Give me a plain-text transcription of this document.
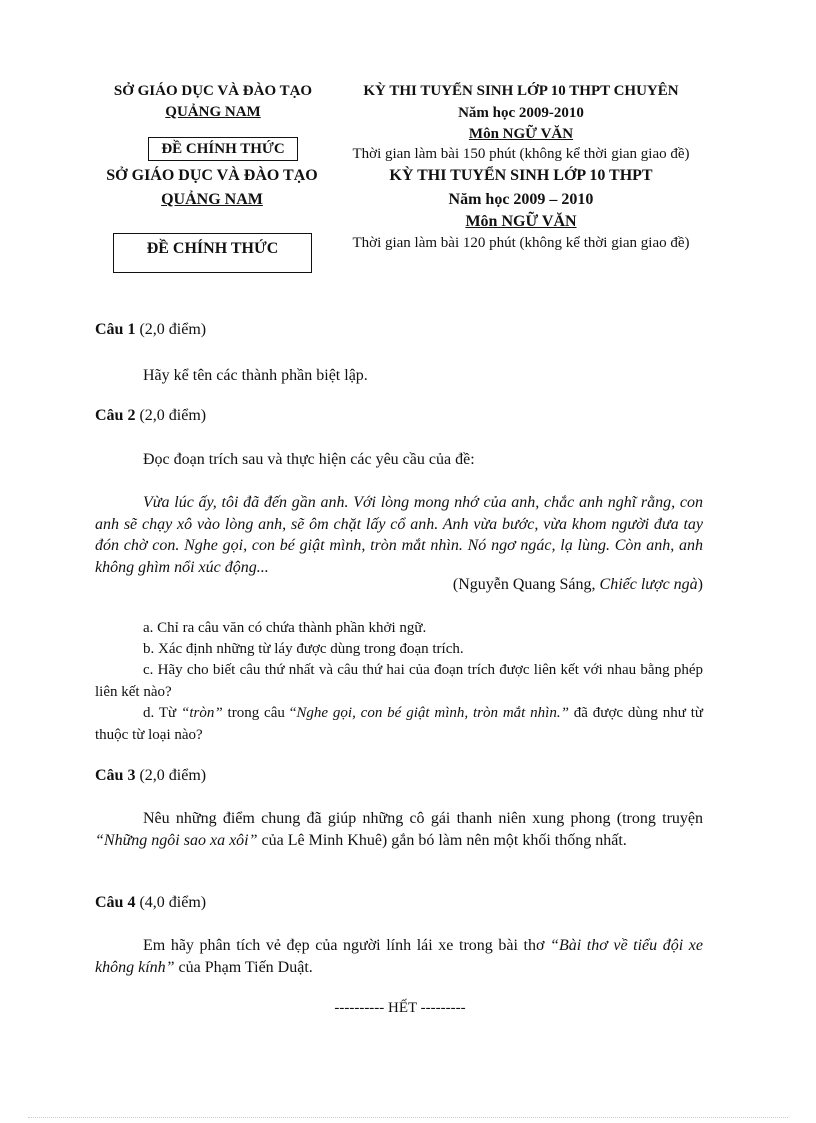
SỞ GIÁO DỤC VÀ ĐÀO TẠO
QUẢNG NAM
ĐỀ CHÍNH THỨC
KỲ THI TUYỂN SINH LỚP 10 THPT CHUYÊN
Năm học 2009-2010
Môn NGỮ VĂN
Thời gian làm bài 150 phút (không kể thời gian giao đề)
SỞ GIÁO DỤC VÀ ĐÀO TẠO
QUẢNG NAM
ĐỀ CHÍNH THỨC
KỲ THI TUYỂN SINH LỚP 10 THPT
Năm học 2009 – 2010
Môn NGỮ VĂN
Thời gian làm bài 120 phút (không kể thời gian giao đề)
Câu 1 (2,0 điểm)
Hãy kể tên các thành phần biệt lập.
Câu 2 (2,0 điểm)
Đọc đoạn trích sau và thực hiện các yêu cầu của đề:
Vừa lúc ấy, tôi đã đến gần anh. Với lòng mong nhớ của anh, chắc anh nghĩ rằng, con anh sẽ chạy xô vào lòng anh, sẽ ôm chặt lấy cổ anh. Anh vừa bước, vừa khom người đưa tay đón chờ con. Nghe gọi, con bé giật mình, tròn mắt nhìn. Nó ngơ ngác, lạ lùng. Còn anh, anh không ghìm nổi xúc động...
(Nguyễn Quang Sáng, Chiếc lược ngà)
a. Chỉ ra câu văn có chứa thành phần khởi ngữ.
b. Xác định những từ láy được dùng trong đoạn trích.
c. Hãy cho biết câu thứ nhất và câu thứ hai của đoạn trích được liên kết với nhau bằng phép liên kết nào?
d. Từ “tròn” trong câu “Nghe gọi, con bé giật mình, tròn mắt nhìn.” đã được dùng như từ thuộc từ loại nào?
Câu 3 (2,0 điểm)
Nêu những điểm chung đã giúp những cô gái thanh niên xung phong (trong truyện “Những ngôi sao xa xôi” của Lê Minh Khuê) gắn bó làm nên một khối thống nhất.
Câu 4 (4,0 điểm)
Em hãy phân tích vẻ đẹp của người lính lái xe trong bài thơ “Bài thơ về tiểu đội xe không kính” của Phạm Tiến Duật.
---------- HẾT ---------
